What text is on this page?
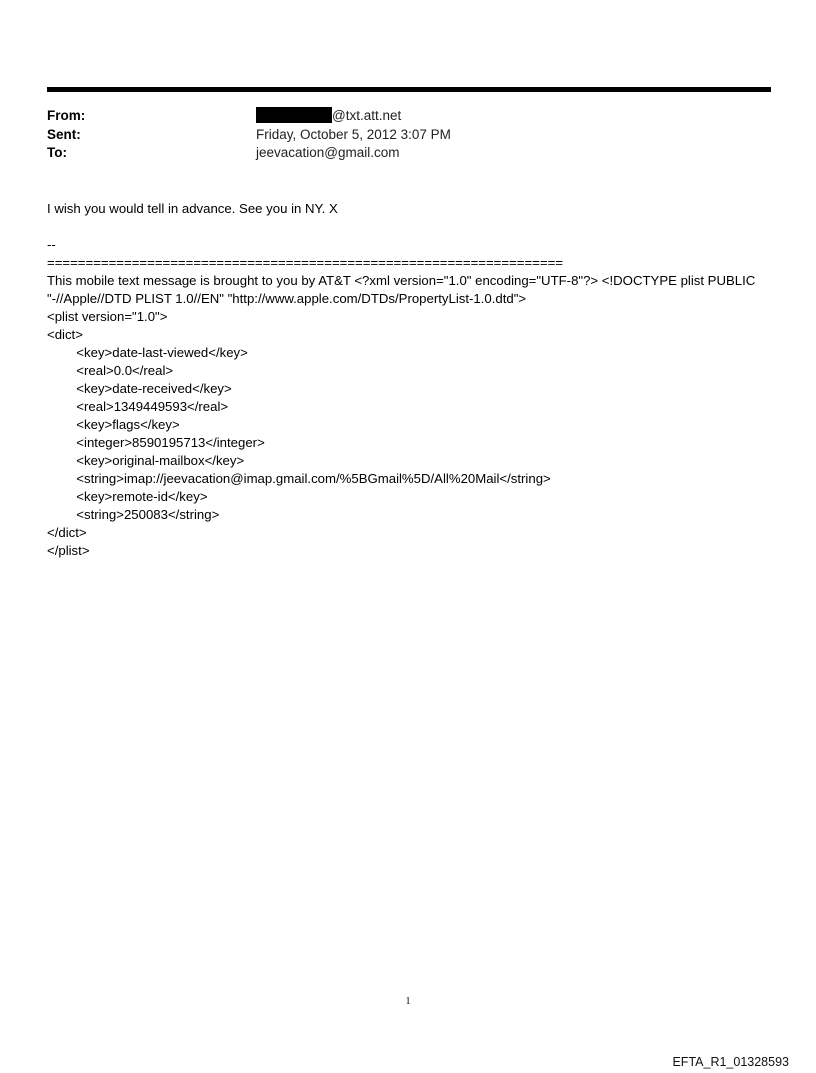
From:	@txt.att.net
Sent:	Friday, October 5, 2012 3:07 PM
To:	jeevacation@gmail.com
I wish you would tell in advance. See you in NY. X
--
===================================================================
This mobile text message is brought to you by AT&T <?xml version="1.0" encoding="UTF-8"?> <!DOCTYPE plist PUBLIC "-//Apple//DTD PLIST 1.0//EN" "http://www.apple.com/DTDs/PropertyList-1.0.dtd">
<plist version="1.0">
<dict>
<key>date-last-viewed</key>
<real>0.0</real>
<key>date-received</key>
<real>1349449593</real>
<key>flags</key>
<integer>8590195713</integer>
<key>original-mailbox</key>
<string>imap://jeevacation@imap.gmail.com/%5BGmail%5D/All%20Mail</string>
<key>remote-id</key>
<string>250083</string>
</dict>
</plist>
1
EFTA_R1_01328593
